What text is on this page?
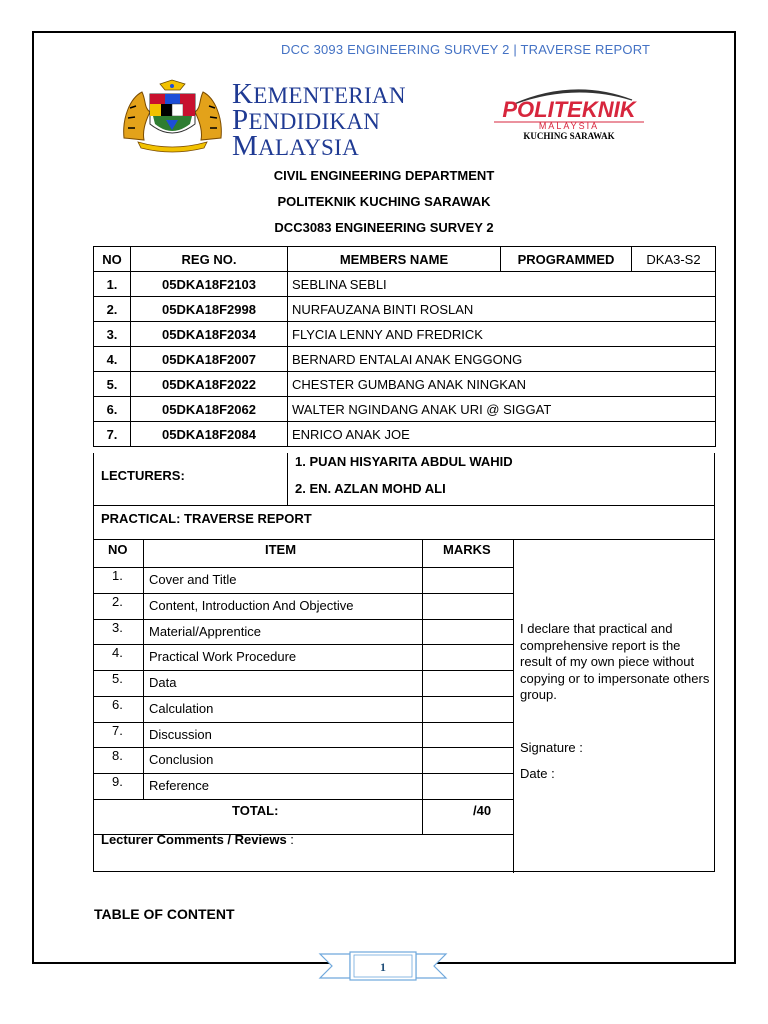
DCC 3093 ENGINEERING SURVEY 2 | TRAVERSE REPORT
KEMENTERIAN
PENDIDIKAN
MALAYSIA
POLITEKNIK
MALAYSIA
KUCHING SARAWAK
CIVIL ENGINEERING DEPARTMENT
POLITEKNIK KUCHING SARAWAK
DCC3083 ENGINEERING SURVEY 2
NO	REG NO.	MEMBERS NAME	PROGRAMMED	DKA3-S2
1.	05DKA18F2103	SEBLINA SEBLI		
2.	05DKA18F2998	NURFAUZANA BINTI ROSLAN		
3.	05DKA18F2034	FLYCIA LENNY AND FREDRICK		
4.	05DKA18F2007	BERNARD ENTALAI ANAK ENGGONG		
5.	05DKA18F2022	CHESTER GUMBANG ANAK NINGKAN		
6.	05DKA18F2062	WALTER NGINDANG ANAK URI @ SIGGAT		
7.	05DKA18F2084	ENRICO ANAK JOE		
LECTURERS:
1. PUAN HISYARITA ABDUL WAHID
2. EN. AZLAN MOHD ALI
PRACTICAL: TRAVERSE REPORT
NO	ITEM	MARKS
1. Cover and Title
2. Content, Introduction And Objective
3. Material/Apprentice
4. Practical Work Procedure
5. Data
6. Calculation
7. Discussion
8. Conclusion
9. Reference
TOTAL:	/40
Lecturer Comments / Reviews :
I declare that practical and comprehensive report is the result of my own piece without copying or to impersonate others group.
Signature :
Date :
TABLE OF CONTENT
1
